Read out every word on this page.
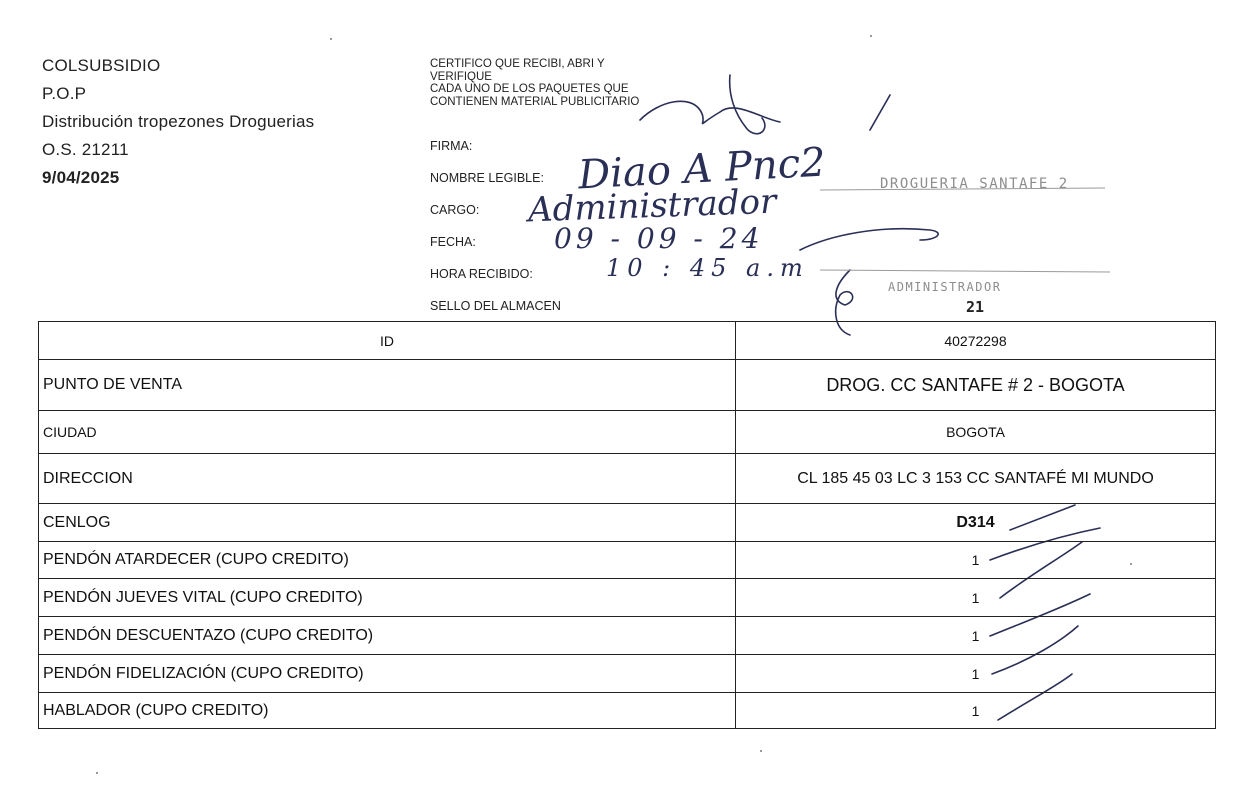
COLSUBSIDIO
P.O.P
Distribución tropezones Droguerias
O.S. 21211
9/04/2025
CERTIFICO QUE RECIBI, ABRI Y
VERIFIQUE
CADA UNO DE LOS PAQUETES QUE
CONTIENEN MATERIAL PUBLICITARIO
FIRMA:
NOMBRE LEGIBLE:
CARGO:
FECHA:
HORA RECIBIDO:
SELLO DEL ALMACEN
Diao A Pnc2
Administrador
09 - 09 - 24
10 : 45 a.m
DROGUERIA SANTAFE 2
ADMINISTRADOR
21
ID	40272298
PUNTO DE VENTA	DROG. CC SANTAFE # 2 - BOGOTA
CIUDAD	BOGOTA
DIRECCION	CL 185 45 03 LC 3 153 CC SANTAFÉ MI MUNDO
CENLOG	D314
PENDÓN ATARDECER (CUPO CREDITO)	1
PENDÓN JUEVES VITAL (CUPO CREDITO)	1
PENDÓN DESCUENTAZO (CUPO CREDITO)	1
PENDÓN FIDELIZACIÓN (CUPO CREDITO)	1
HABLADOR (CUPO CREDITO)	1
